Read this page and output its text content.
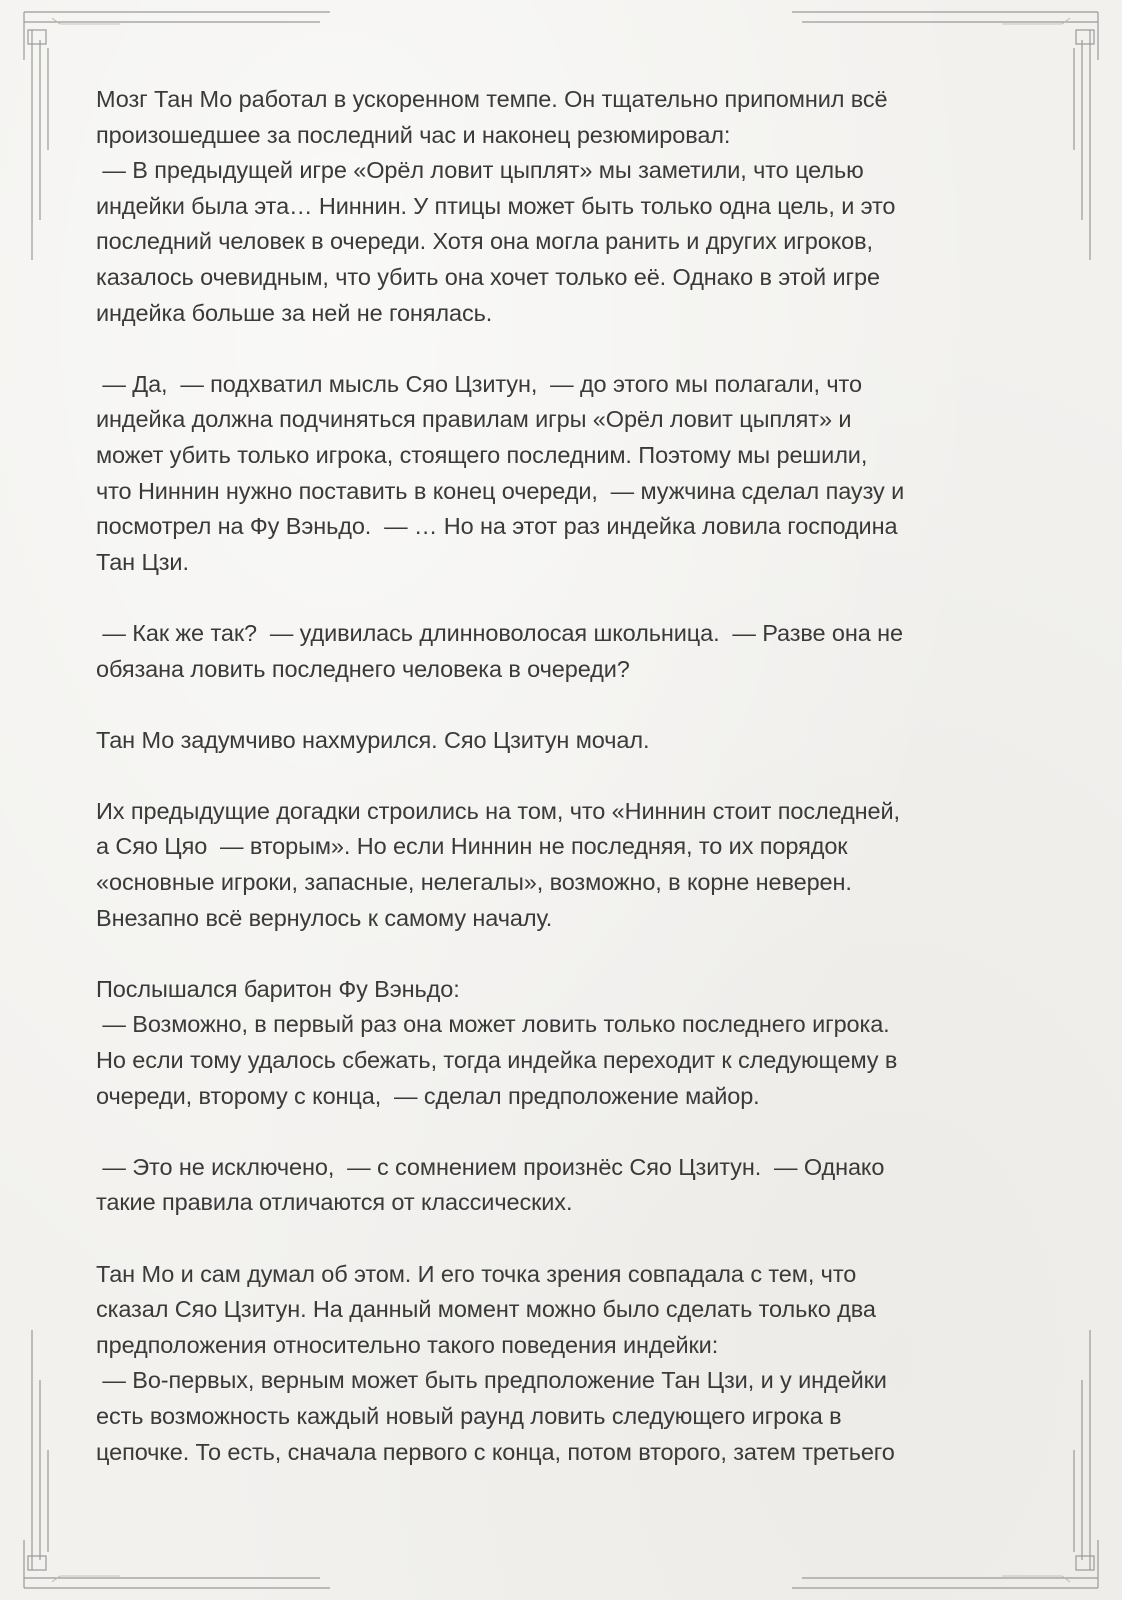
Мозг Тан Мо работал в ускоренном темпе. Он тщательно припомнил всё
произошедшее за последний час и наконец резюмировал:
— В предыдущей игре «Орёл ловит цыплят» мы заметили, что целью
индейки была эта… Ниннин. У птицы может быть только одна цель, и это
последний человек в очереди. Хотя она могла ранить и других игроков,
казалось очевидным, что убить она хочет только её. Однако в этой игре
индейка больше за ней не гонялась.
— Да,  — подхватил мысль Сяо Цзитун,  — до этого мы полагали, что
индейка должна подчиняться правилам игры «Орёл ловит цыплят» и
может убить только игрока, стоящего последним. Поэтому мы решили,
что Ниннин нужно поставить в конец очереди,  — мужчина сделал паузу и
посмотрел на Фу Вэньдо.  — … Но на этот раз индейка ловила господина
Тан Цзи.
— Как же так?  — удивилась длинноволосая школьница.  — Разве она не
обязана ловить последнего человека в очереди?
Тан Мо задумчиво нахмурился. Сяо Цзитун мочал.
Их предыдущие догадки строились на том, что «Ниннин стоит последней,
а Сяо Цяо  — вторым». Но если Ниннин не последняя, то их порядок
«основные игроки, запасные, нелегалы», возможно, в корне неверен.
Внезапно всё вернулось к самому началу.
Послышался баритон Фу Вэньдо:
— Возможно, в первый раз она может ловить только последнего игрока.
Но если тому удалось сбежать, тогда индейка переходит к следующему в
очереди, второму с конца,  — сделал предположение майор.
— Это не исключено,  — с сомнением произнёс Сяо Цзитун.  — Однако
такие правила отличаются от классических.
Тан Мо и сам думал об этом. И его точка зрения совпадала с тем, что
сказал Сяо Цзитун. На данный момент можно было сделать только два
предположения относительно такого поведения индейки:
— Во-первых, верным может быть предположение Тан Цзи, и у индейки
есть возможность каждый новый раунд ловить следующего игрока в
цепочке. То есть, сначала первого с конца, потом второго, затем третьего
